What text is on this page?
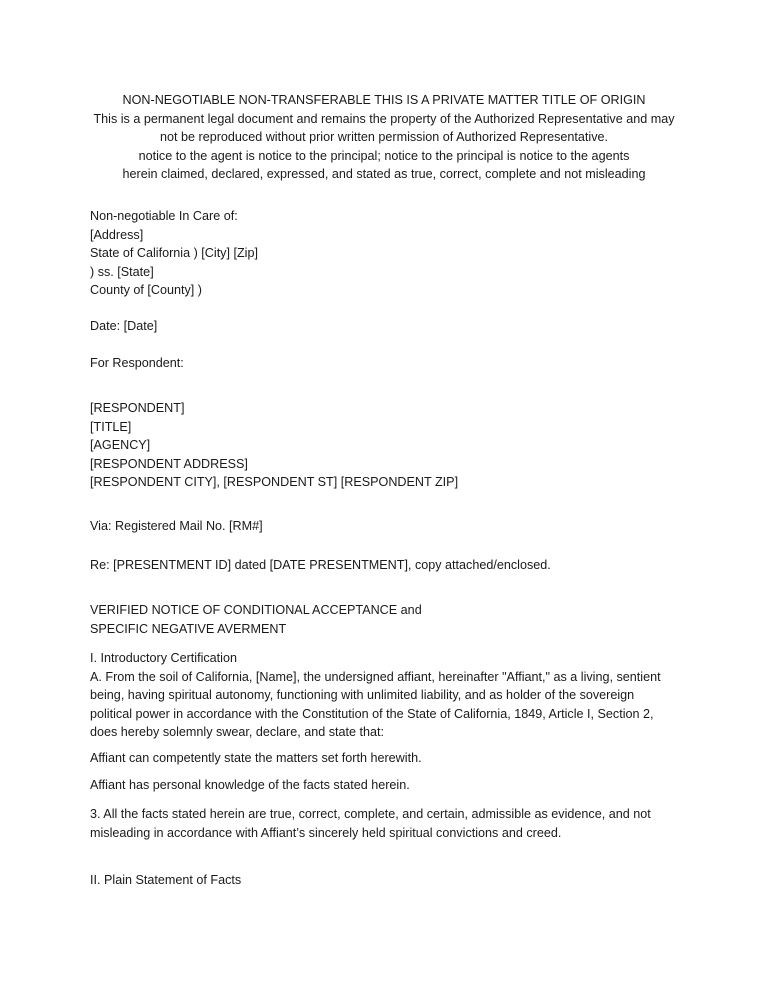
NON-NEGOTIABLE NON-TRANSFERABLE THIS IS A PRIVATE MATTER TITLE OF ORIGIN
This is a permanent legal document and remains the property of the Authorized Representative and may
not be reproduced without prior written permission of Authorized Representative.
notice to the agent is notice to the principal; notice to the principal is notice to the agents
herein claimed, declared, expressed, and stated as true, correct, complete and not misleading
Non-negotiable In Care of:
[Address]
State of California ) [City] [Zip]
) ss. [State]
County of [County] )
Date: [Date]
For Respondent:
[RESPONDENT]
[TITLE]
[AGENCY]
[RESPONDENT ADDRESS]
[RESPONDENT CITY], [RESPONDENT ST] [RESPONDENT ZIP]
Via: Registered Mail No. [RM#]
Re: [PRESENTMENT ID] dated [DATE PRESENTMENT], copy attached/enclosed.
VERIFIED NOTICE OF CONDITIONAL ACCEPTANCE and
SPECIFIC NEGATIVE AVERMENT
I. Introductory Certification
A. From the soil of California, [Name], the undersigned affiant, hereinafter "Affiant," as a living, sentient
being, having spiritual autonomy, functioning with unlimited liability, and as holder of the sovereign
political power in accordance with the Constitution of the State of California, 1849, Article I, Section 2,
does hereby solemnly swear, declare, and state that:
Affiant can competently state the matters set forth herewith.
Affiant has personal knowledge of the facts stated herein.
3. All the facts stated herein are true, correct, complete, and certain, admissible as evidence, and not
misleading in accordance with Affiant’s sincerely held spiritual convictions and creed.
II. Plain Statement of Facts
